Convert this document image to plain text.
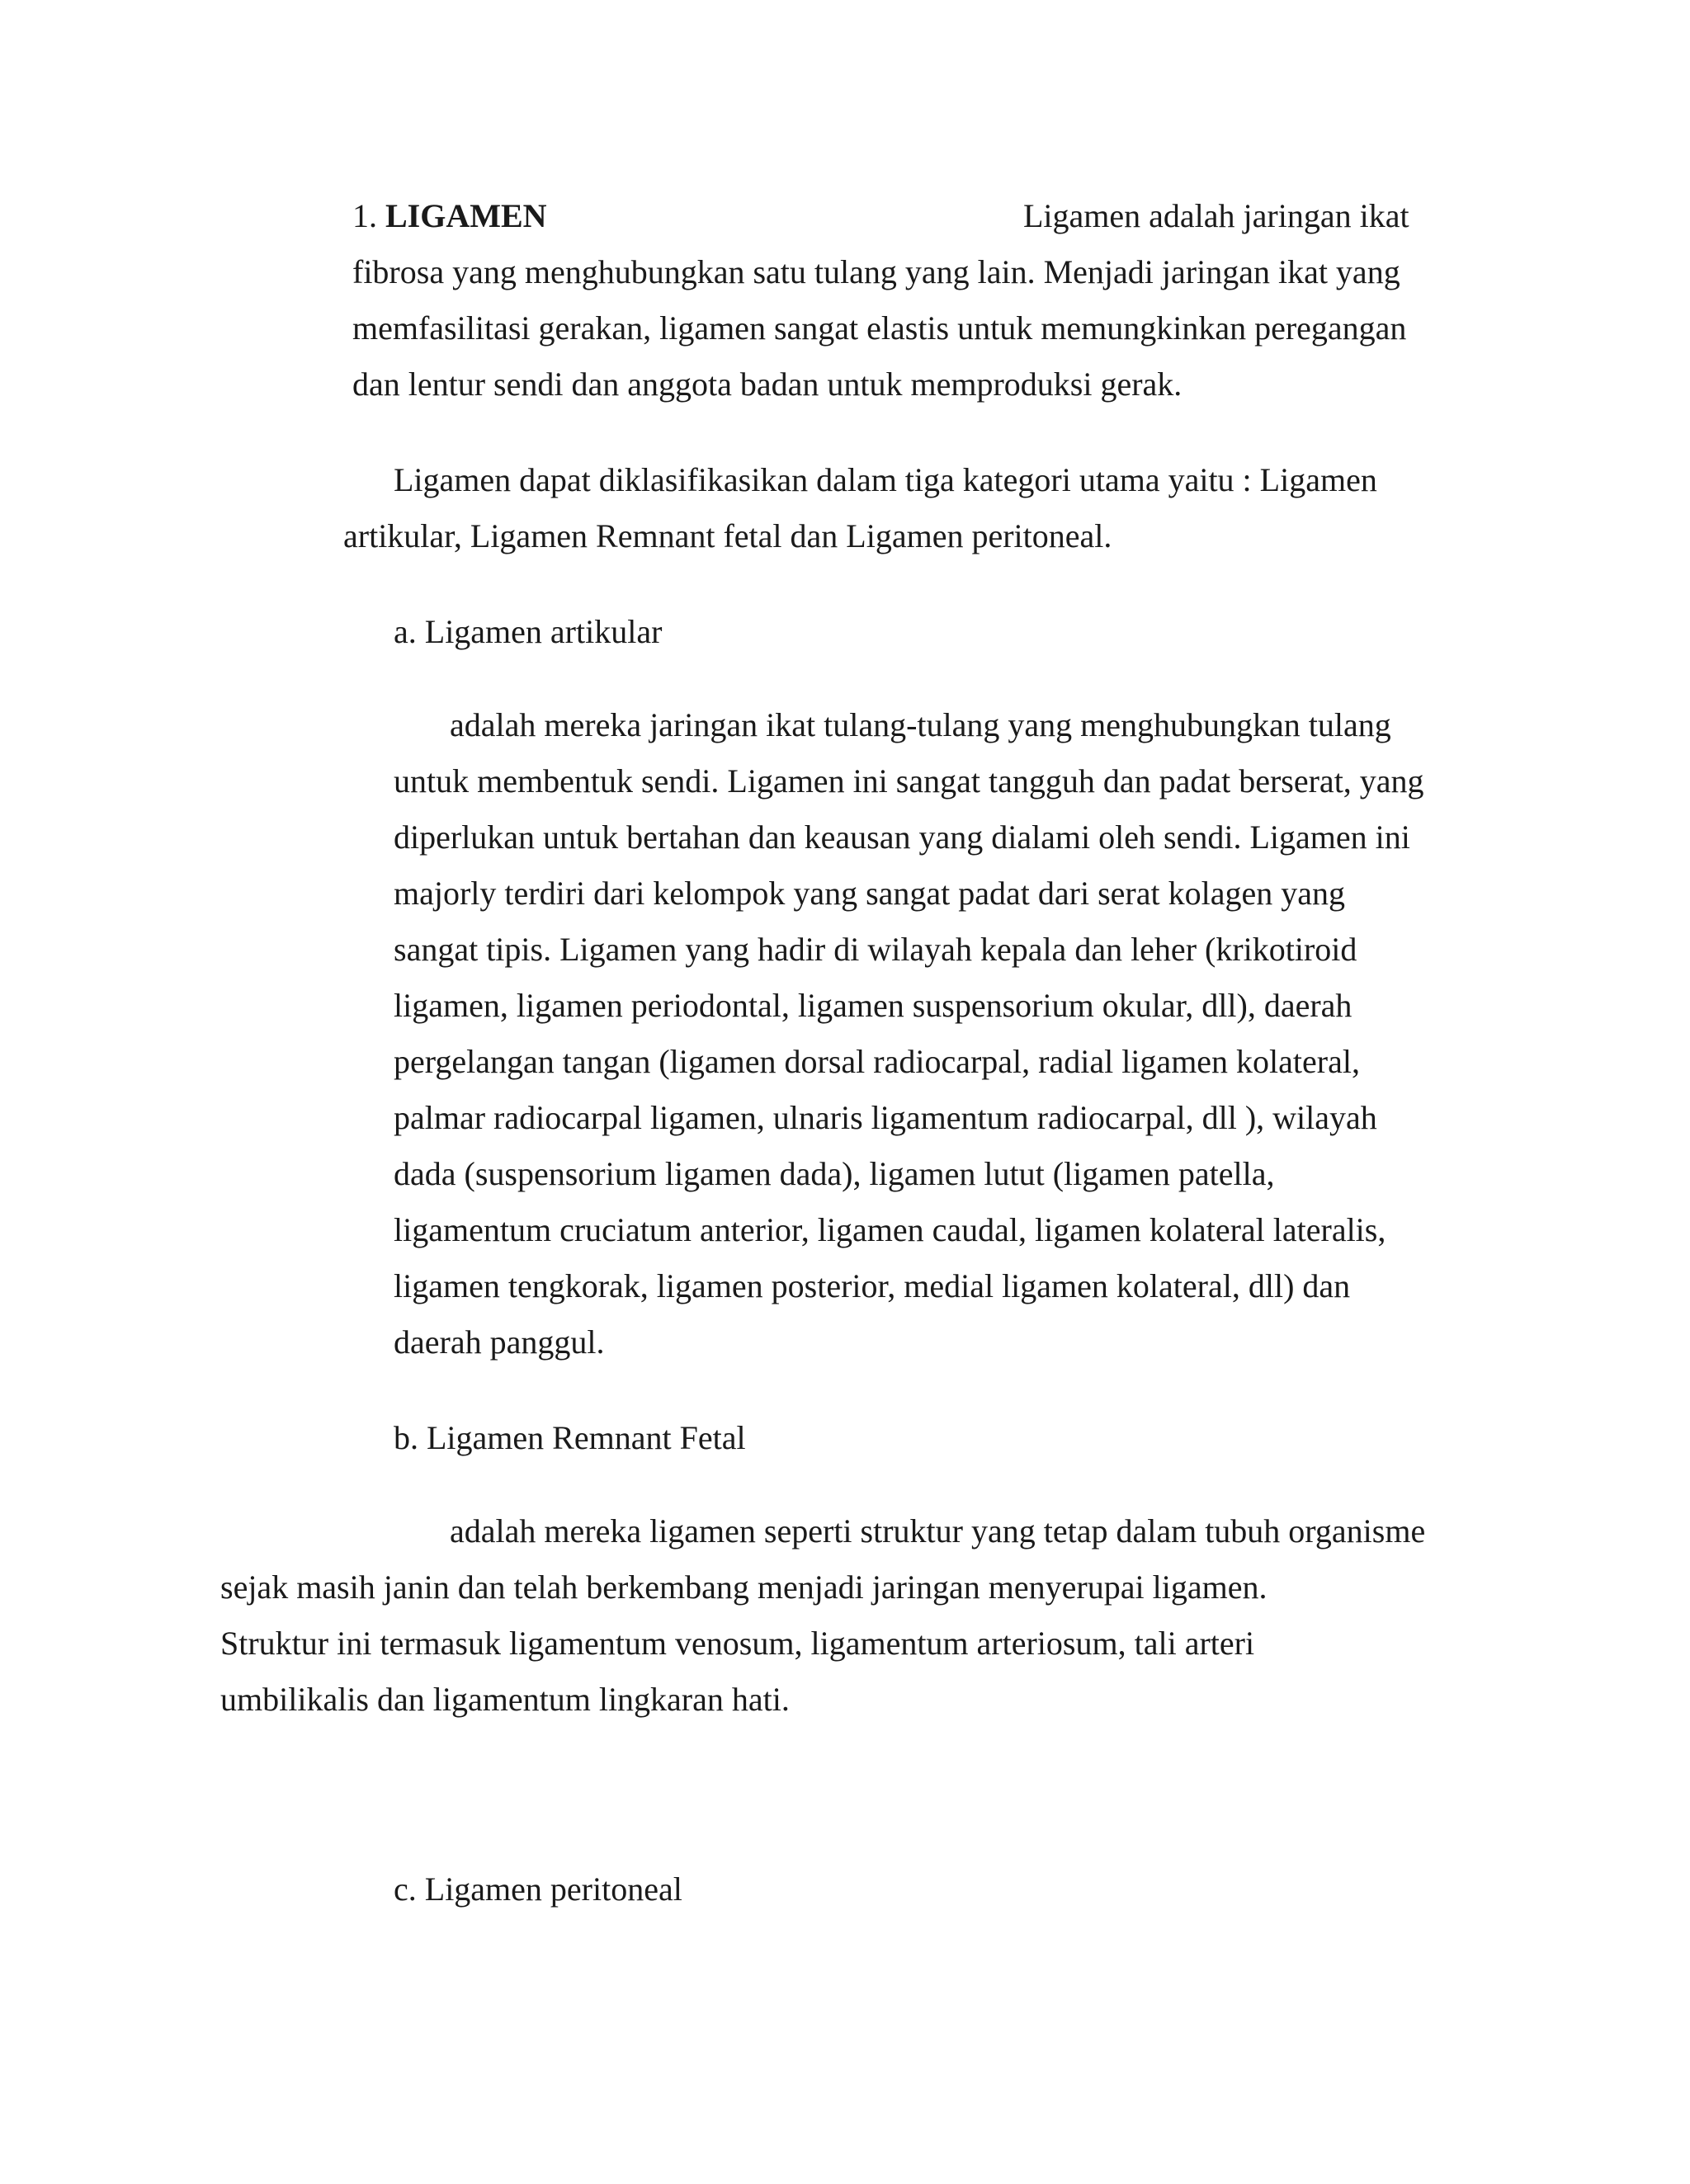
1. LIGAMEN	Ligamen adalah jaringan ikat

fibrosa yang menghubungkan satu tulang yang lain. Menjadi jaringan ikat yang

memfasilitasi gerakan, ligamen sangat elastis untuk memungkinkan peregangan

dan lentur sendi dan anggota badan untuk memproduksi gerak.

Ligamen dapat diklasifikasikan dalam tiga kategori utama yaitu : Ligamen

artikular, Ligamen Remnant fetal dan Ligamen peritoneal.

a. Ligamen artikular

adalah mereka jaringan ikat tulang-tulang yang menghubungkan tulang

untuk membentuk sendi. Ligamen ini sangat tangguh dan padat berserat, yang

diperlukan untuk bertahan dan keausan yang dialami oleh sendi. Ligamen ini

majorly terdiri dari kelompok yang sangat padat dari serat kolagen yang

sangat tipis. Ligamen yang hadir di wilayah kepala dan leher (krikotiroid

ligamen, ligamen periodontal, ligamen suspensorium okular, dll), daerah

pergelangan tangan (ligamen dorsal radiocarpal, radial ligamen kolateral,

palmar radiocarpal ligamen, ulnaris ligamentum radiocarpal, dll ), wilayah

dada (suspensorium ligamen dada), ligamen lutut (ligamen patella,

ligamentum cruciatum anterior, ligamen caudal, ligamen kolateral lateralis,

ligamen tengkorak, ligamen posterior, medial ligamen kolateral, dll) dan

daerah panggul.

b. Ligamen Remnant Fetal

adalah mereka ligamen seperti struktur yang tetap dalam tubuh organisme

sejak masih janin dan telah berkembang menjadi jaringan menyerupai ligamen.

Struktur ini termasuk ligamentum venosum, ligamentum arteriosum, tali arteri

umbilikalis dan ligamentum lingkaran hati.

c. Ligamen peritoneal
